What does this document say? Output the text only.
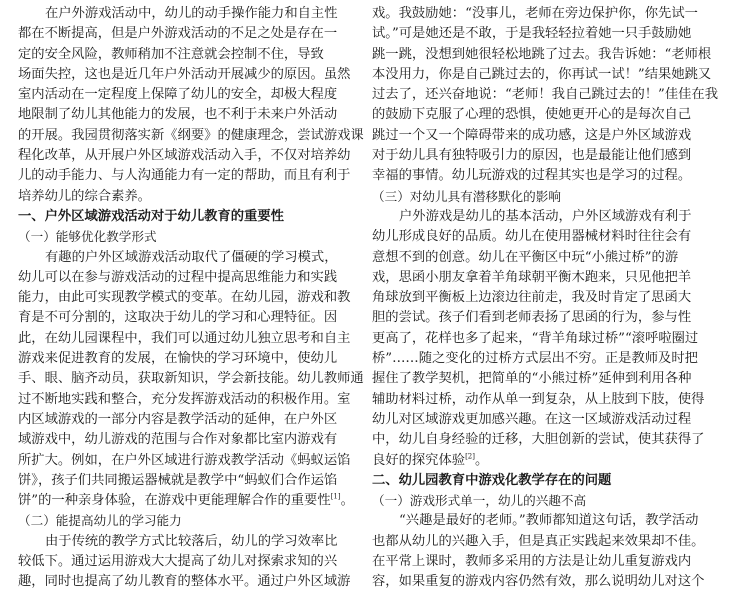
在户外游戏活动中，幼儿的动手操作能力和自主性
都在不断提高，但是户外游戏活动的不足之处是存在一
定的安全风险，教师稍加不注意就会控制不住，导致
场面失控，这也是近几年户外活动开展减少的原因。虽然
室内活动在一定程度上保障了幼儿的安全，却极大程度
地限制了幼儿其他能力的发展，也不利于未来户外活动
的开展。我园贯彻落实新《纲要》的健康理念，尝试游戏课
程化改革，从开展户外区域游戏活动入手，不仅对培养幼
儿的动手能力、与人沟通能力有一定的帮助，而且有利于
培养幼儿的综合素养。
一、户外区域游戏活动对于幼儿教育的重要性
（一）能够优化教学形式
有趣的户外区域游戏活动取代了僵硬的学习模式，
幼儿可以在参与游戏活动的过程中提高思维能力和实践
能力，由此可实现教学模式的变革。在幼儿园，游戏和教
育是不可分割的，这取决于幼儿的学习和心理特征。因
此，在幼儿园课程中，我们可以通过幼儿独立思考和自主
游戏来促进教育的发展，在愉快的学习环境中，使幼儿
手、眼、脑齐动员，获取新知识，学会新技能。幼儿教师通
过不断地实践和整合，充分发挥游戏活动的积极作用。室
内区域游戏的一部分内容是教学活动的延伸，在户外区
域游戏中，幼儿游戏的范围与合作对象都比室内游戏有
所扩大。例如，在户外区域进行游戏教学活动《蚂蚁运馅
饼》，孩子们共同搬运器械就是教学中“蚂蚁们合作运馅
饼”的一种亲身体验，在游戏中更能理解合作的重要性[1]。
（二）能提高幼儿的学习能力
由于传统的教学方式比较落后，幼儿的学习效率比
较低下。通过运用游戏大大提高了幼儿对探索求知的兴
趣，同时也提高了幼儿教育的整体水平。通过户外区域游
戏。我鼓励她：“没事儿，老师在旁边保护你，你先试一
试。”可是她还是不敢，于是我轻轻拉着她一只手鼓励她
跳一跳，没想到她很轻松地跳了过去。我告诉她：“老师根
本没用力，你是自己跳过去的，你再试一试！”结果她跳又
过去了，还兴奋地说：“老师！我自己跳过去的！”佳佳在我
的鼓励下克服了心理的恐惧，使她更开心的是每次自己
跳过一个又一个障碍带来的成功感，这是户外区域游戏
对于幼儿具有独特吸引力的原因，也是最能让他们感到
幸福的事情。幼儿玩游戏的过程其实也是学习的过程。
（三）对幼儿具有潜移默化的影响
户外游戏是幼儿的基本活动，户外区域游戏有利于
幼儿形成良好的品质。幼儿在使用器械材料时往往会有
意想不到的创意。幼儿在平衡区中玩“小熊过桥”的游
戏，思函小朋友拿着羊角球朝平衡木跑来，只见他把羊
角球放到平衡板上边滚边往前走，我及时肯定了思函大
胆的尝试。孩子们看到老师表扬了思函的行为，参与性
更高了，花样也多了起来，“背羊角球过桥”“滚呼啦圈过
桥”……随之变化的过桥方式层出不穷。正是教师及时把
握住了教学契机，把简单的“小熊过桥”延伸到利用各种
辅助材料过桥，动作从单一到复杂，从上肢到下肢，使得
幼儿对区域游戏更加感兴趣。在这一区域游戏活动过程
中，幼儿自身经验的迁移，大胆创新的尝试，使其获得了
良好的探究体验[2]。
二、幼儿园教育中游戏化教学存在的问题
（一）游戏形式单一，幼儿的兴趣不高
“兴趣是最好的老师。”教师都知道这句话，教学活动
也都从幼儿的兴趣入手，但是真正实践起来效果却不佳。
在平常上课时，教师多采用的方法是让幼儿重复游戏内
容，如果重复的游戏内容仍然有效，那么说明幼儿对这个
